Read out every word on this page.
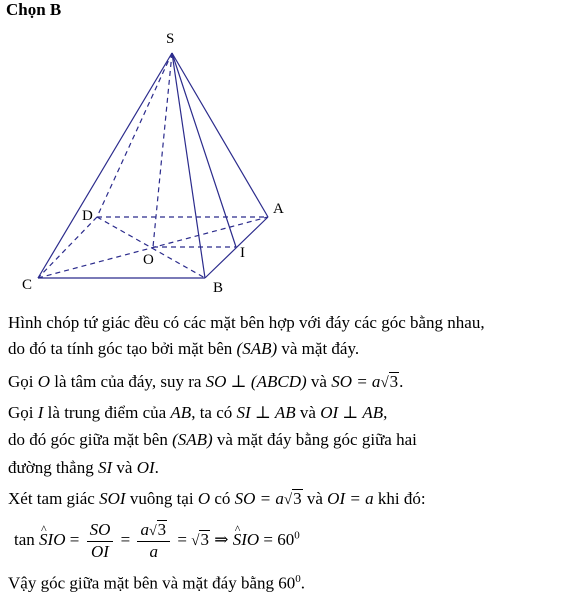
Chọn B
S
A
B
C
D
O	I
Hình chóp tứ giác đều có các mặt bên hợp với đáy các góc bằng nhau,
do đó ta tính góc tạo bởi mặt bên (SAB) và mặt đáy.
Gọi O là tâm của đáy, suy ra SO ⊥ (ABCD) và SO = a√3.
Gọi I là trung điểm của AB, ta có SI ⊥ AB và OI ⊥ AB,
do đó góc giữa mặt bên (SAB) và mặt đáy bằng góc giữa hai
đường thẳng SI và OI.
Xét tam giác SOI vuông tại O có SO = a√3 và OI = a khi đó:
tan ^ SIO = $\frac{SO}{OI} = \frac{a√3}{a} = √3$ ⇒ ^ SIO = $60^0$
Vậy góc giữa mặt bên và mặt đáy bằng $60^0$.
